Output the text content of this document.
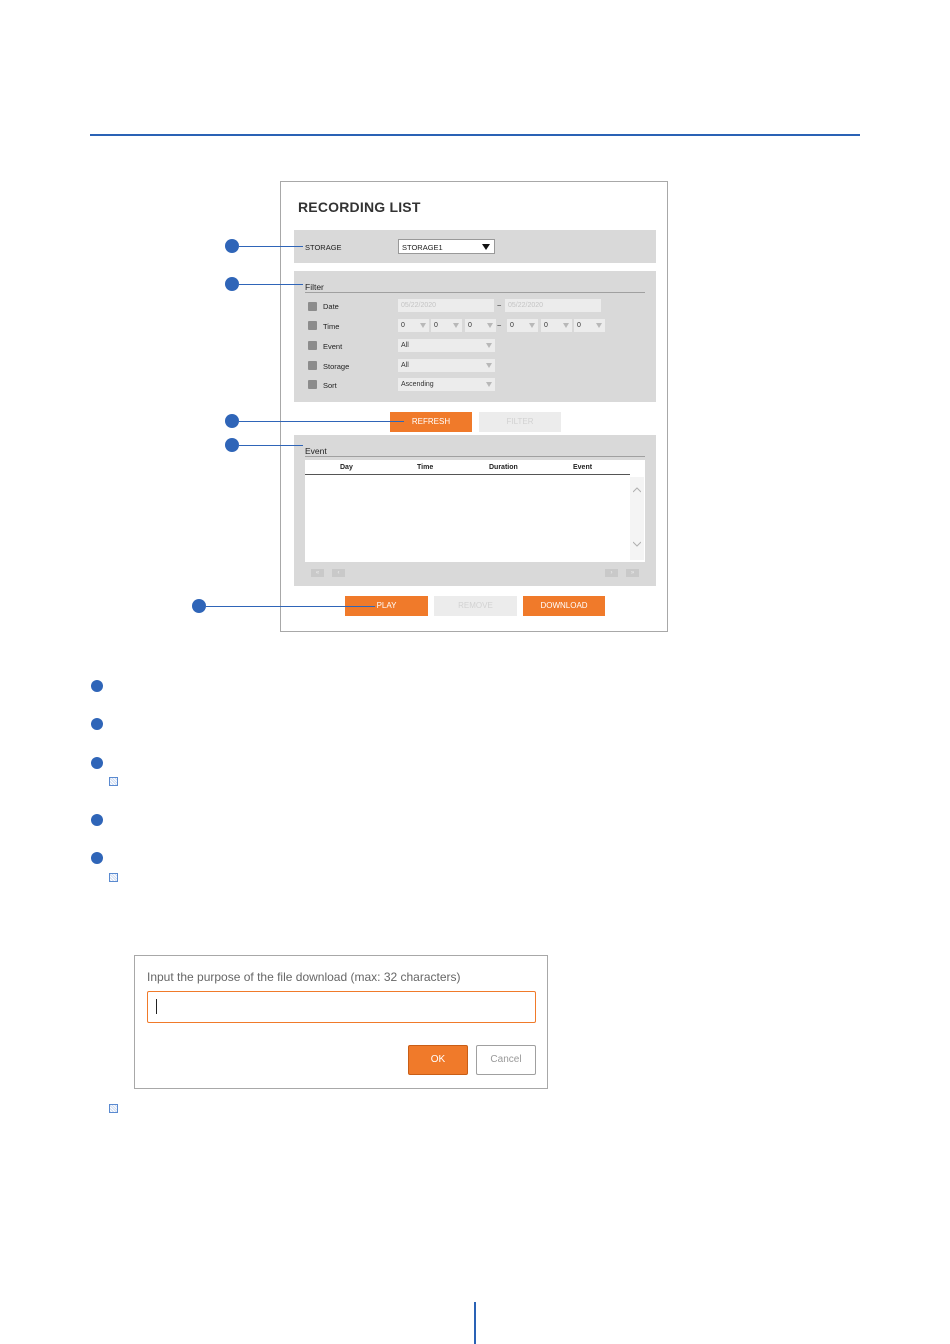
RECORDING LIST
STORAGE	STORAGE1
Filter
Date	05/22/2020	~ 05/22/2020
Time	0	0	0	~	0	0	0
Event	All
Storage	All
Sort	Ascending
REFRESH	FILTER
Event
Day	Time	Duration	Event
«	‹	›	»
PLAY	REMOVE	DOWNLOAD
Input the purpose of the file download (max: 32 characters)
OK	Cancel
